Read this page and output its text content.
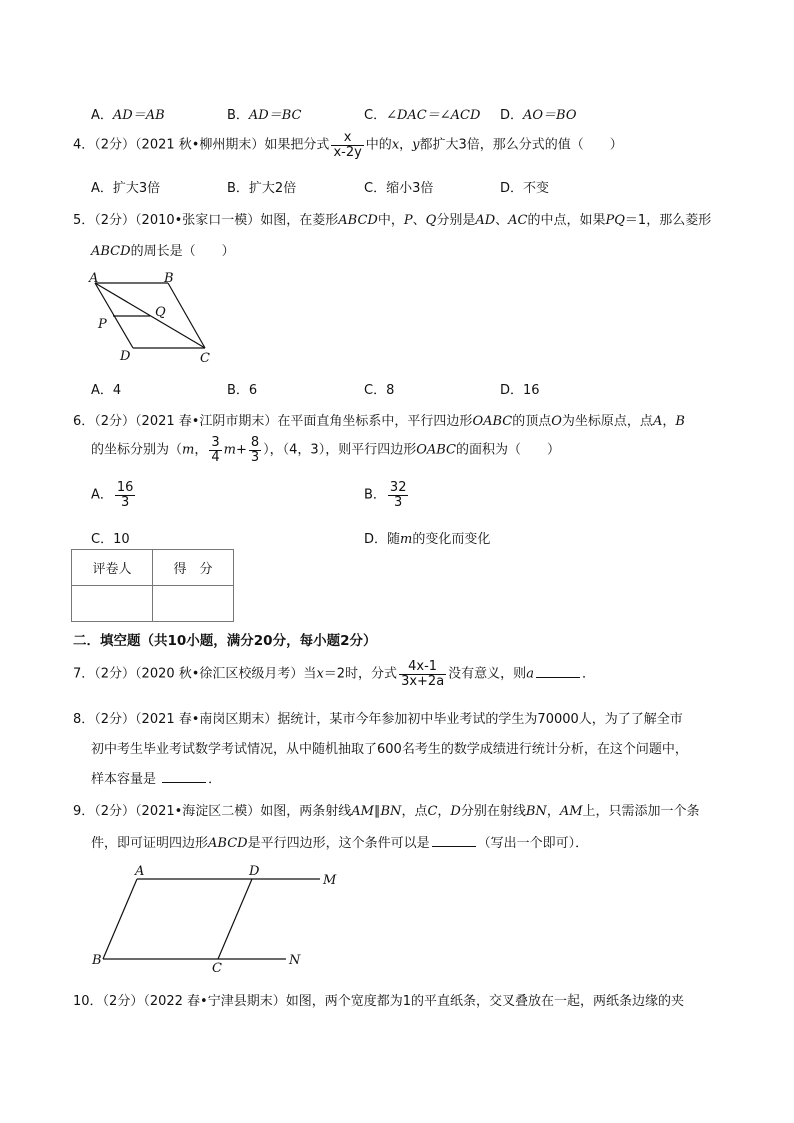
A．AD＝AB	B．AD＝BC	C．∠DAC＝∠ACD D．AO＝BO
4．（2分）（2021 秋•柳州期末）如果把分式 $\frac{x}{x-2y}$ 中的x，y都扩大3倍，那么分式的值（　　）
A．扩大3倍	B．扩大2倍	C．缩小3倍	D．不变
5．（2分）（2010•张家口一模）如图，在菱形ABCD中，P、Q分别是AD、AC的中点，如果PQ＝1，那么菱形
ABCD的周长是（　　）
A	B
P
Q
D	C
A．4	B．6	C．8	D．16
6．（2分）（2021 春•江阴市期末）在平面直角坐标系中，平行四边形OABC的顶点O为坐标原点，点A，B
的坐标分别为（m， $\frac{3}{4} m+ \frac{8}{3}$ ），（4，3），则平行四边形OABC的面积为（　　）
A． $\frac{16}{3}$	B． $\frac{32}{3}$
C．10	D．随m的变化而变化
评卷人	得　分

二．填空题（共10小题，满分20分，每小题2分）
7．（2分）（2020 秋•徐汇区校级月考）当x＝2时，分式 $\frac{4x-1}{3x+2a}$ 没有意义，则a	．
8．（2分）（2021 春•南岗区期末）据统计，某市今年参加初中毕业考试的学生为70000人，为了了解全市
初中考生毕业考试数学考试情况，从中随机抽取了600名考生的数学成绩进行统计分析，在这个问题中，
样本容量是	．
9．（2分）（2021•海淀区二模）如图，两条射线AM∥BN，点C，D分别在射线BN，AM上，只需添加一个条
件，即可证明四边形ABCD是平行四边形，这个条件可以是	（写出一个即可）．
A	D
M
B
C
N
10．（2分）（2022 春•宁津县期末）如图，两个宽度都为1的平直纸条，交叉叠放在一起，两纸条边缘的夹
